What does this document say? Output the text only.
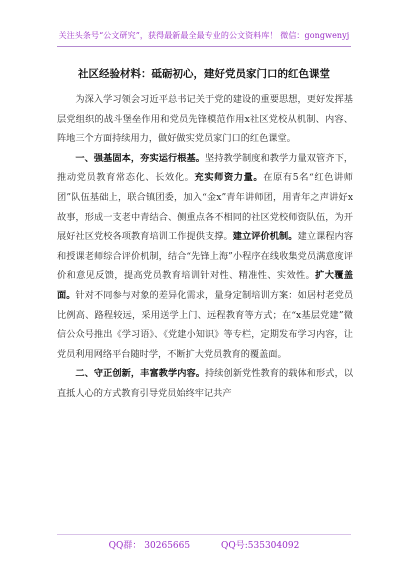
关注头条号“公文研究”，获得最新最全最专业的公文资料库！ 微信：gongwenyj
社区经验材料：砥砺初心，建好党员家门口的红色课堂

为深入学习领会习近平总书记关于党的建设的重要思想，更好发挥基层党组织的战斗堡垒作用和党员先锋模范作用x社区党校从机制、内容、阵地三个方面持续用力，做好做实党员家门口的红色课堂。

一、强基固本，夯实运行根基。坚持教学制度和教学力量双管齐下，推动党员教育常态化、长效化。充实师资力量。在原有5名“红色讲师团”队伍基础上，联合镇团委，加入“金x”青年讲师团，用青年之声讲好x故事，形成一支老中青结合、侧重点各不相同的社区党校师资队伍，为开展好社区党校各项教育培训工作提供支撑。建立评价机制。建立课程内容和授课老师综合评价机制，结合“先锋上海”小程序在线收集党员满意度评价和意见反馈，提高党员教育培训针对性、精准性、实效性。扩大覆盖面。针对不同参与对象的差异化需求，量身定制培训方案：如居村老党员比例高、路程较远，采用送学上门、远程教育等方式；在“x基层党建”微信公众号推出《学习语》、《党建小知识》等专栏，定期发布学习内容，让党员利用网络平台随时学，不断扩大党员教育的覆盖面。

二、守正创新，丰富教学内容。持续创新党性教育的载体和形式，以直抵人心的方式教育引导党员始终牢记共产

QQ群： 30265665	QQ号:535304092
